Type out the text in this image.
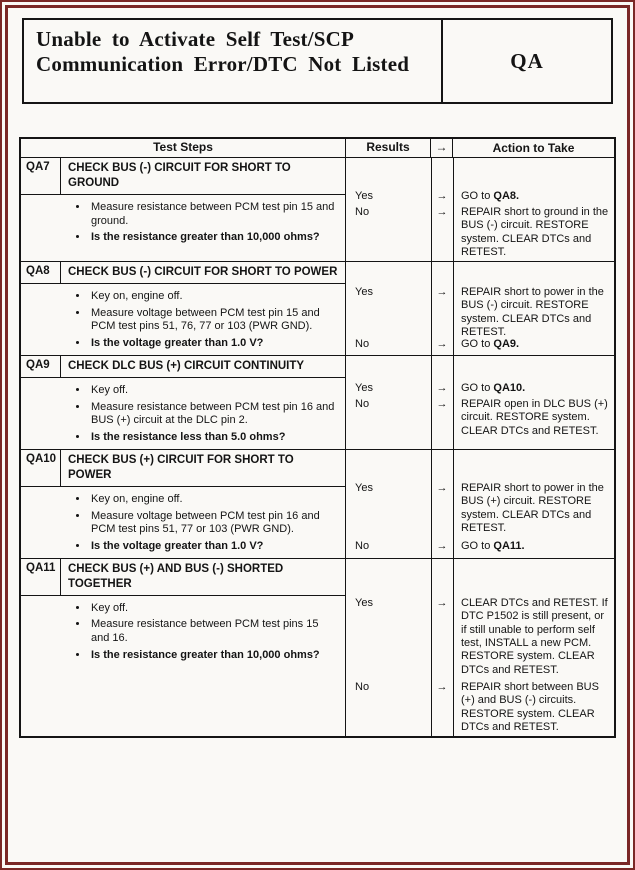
Unable to Activate Self Test/SCP Communication Error/DTC Not Listed	QA
Test Steps	Results	→	Action to Take
QA7	CHECK BUS (-) CIRCUIT FOR SHORT TO GROUND
• Measure resistance between PCM test pin 15 and ground.
• Is the resistance greater than 10,000 ohms?
Yes	→	GO to QA8.
No	→	REPAIR short to ground in the BUS (-) circuit. RESTORE system. CLEAR DTCs and RETEST.
QA8	CHECK BUS (-) CIRCUIT FOR SHORT TO POWER
• Key on, engine off.
• Measure voltage between PCM test pin 15 and PCM test pins 51, 76, 77 or 103 (PWR GND).
• Is the voltage greater than 1.0 V?
Yes	→	REPAIR short to power in the BUS (-) circuit. RESTORE system. CLEAR DTCs and RETEST.
No	→	GO to QA9.
QA9	CHECK DLC BUS (+) CIRCUIT CONTINUITY
• Key off.
• Measure resistance between PCM test pin 16 and BUS (+) circuit at the DLC pin 2.
• Is the resistance less than 5.0 ohms?
Yes	→	GO to QA10.
No	→	REPAIR open in DLC BUS (+) circuit. RESTORE system. CLEAR DTCs and RETEST.
QA10	CHECK BUS (+) CIRCUIT FOR SHORT TO POWER
• Key on, engine off.
• Measure voltage between PCM test pin 16 and PCM test pins 51, 77 or 103 (PWR GND).
• Is the voltage greater than 1.0 V?
Yes	→	REPAIR short to power in the BUS (+) circuit. RESTORE system. CLEAR DTCs and RETEST.
No	→	GO to QA11.
QA11	CHECK BUS (+) AND BUS (-) SHORTED TOGETHER
• Key off.
• Measure resistance between PCM test pins 15 and 16.
• Is the resistance greater than 10,000 ohms?
Yes	→	CLEAR DTCs and RETEST. If DTC P1502 is still present, or if still unable to perform self test, INSTALL a new PCM. RESTORE system. CLEAR DTCs and RETEST.
No	→	REPAIR short between BUS (+) and BUS (-) circuits. RESTORE system. CLEAR DTCs and RETEST.
